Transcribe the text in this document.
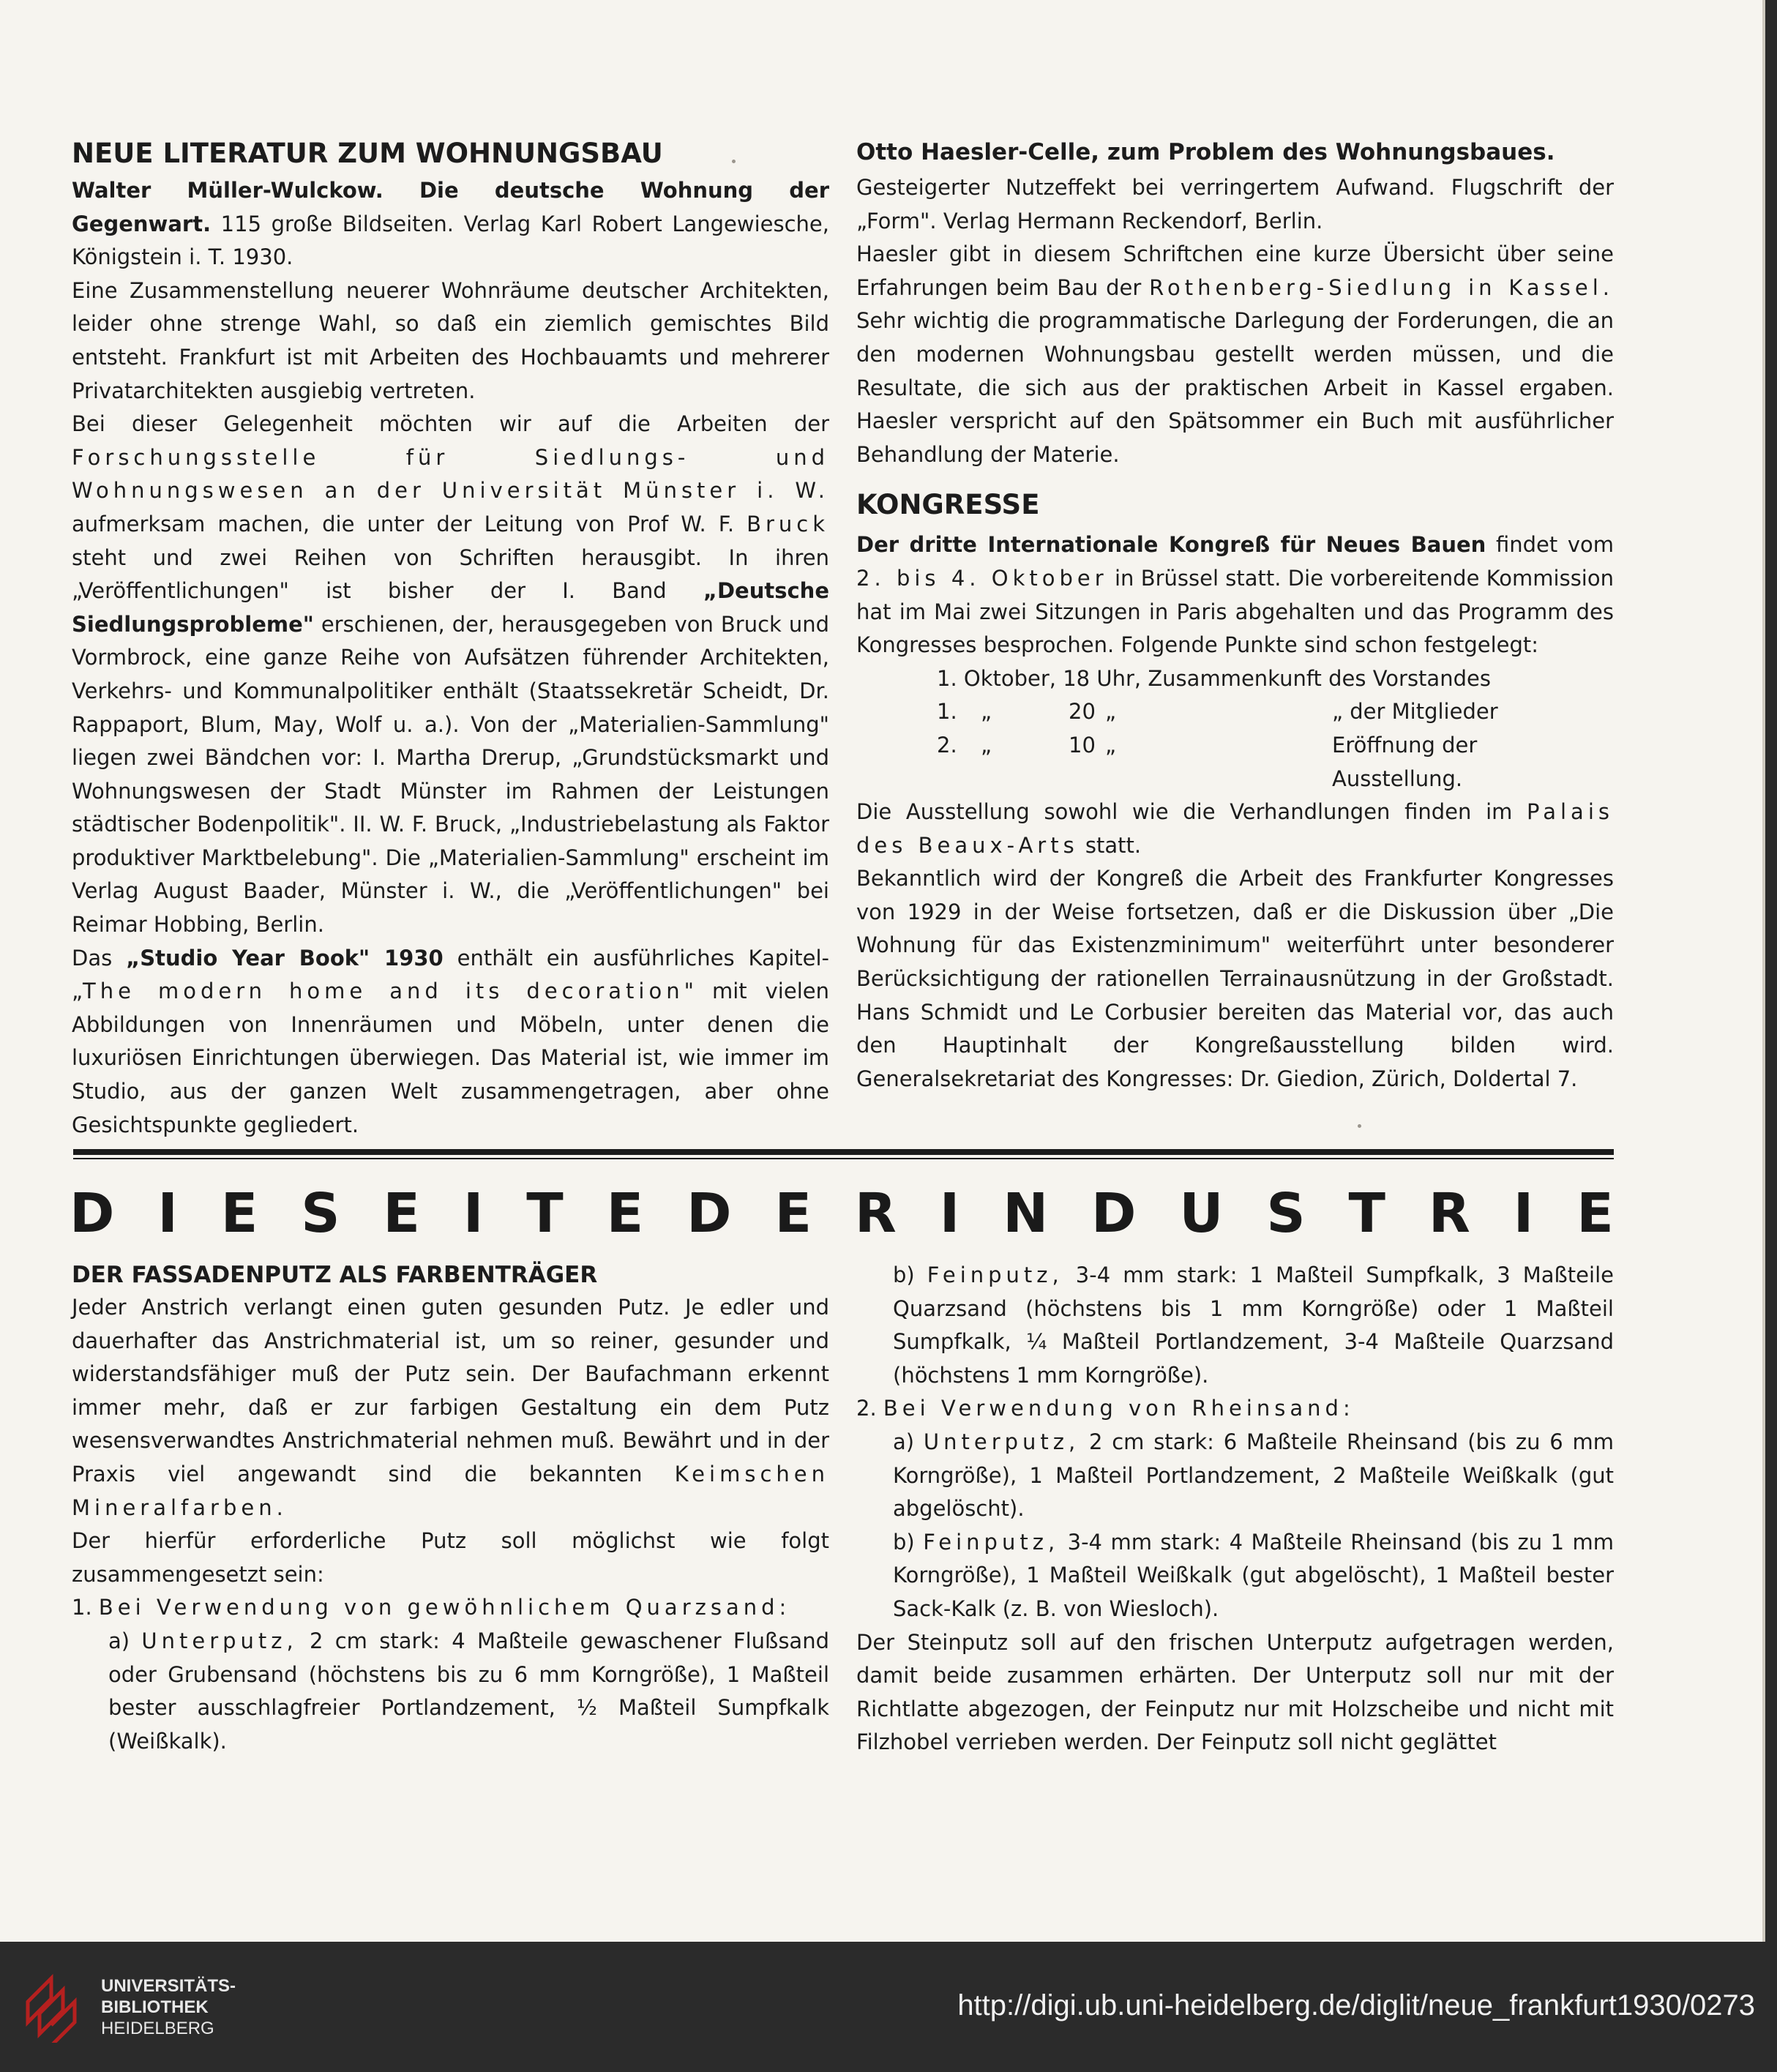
NEUE LITERATUR ZUM WOHNUNGSBAU

Walter Müller-Wulckow. Die deutsche Wohnung der Gegenwart. 115 große Bildseiten. Verlag Karl Robert Langewiesche, Königstein i. T. 1930.

Eine Zusammenstellung neuerer Wohnräume deutscher Architekten, leider ohne strenge Wahl, so daß ein ziemlich gemischtes Bild entsteht. Frankfurt ist mit Arbeiten des Hochbauamts und mehrerer Privatarchitekten ausgiebig vertreten.

Bei dieser Gelegenheit möchten wir auf die Arbeiten der Forschungsstelle für Siedlungs- und Wohnungswesen an der Universität Münster i. W. aufmerksam machen, die unter der Leitung von Prof W. F. Bruck steht und zwei Reihen von Schriften herausgibt. In ihren „Veröffentlichungen" ist bisher der I. Band „Deutsche Siedlungsprobleme" erschienen, der, herausgegeben von Bruck und Vormbrock, eine ganze Reihe von Aufsätzen führender Architekten, Verkehrs- und Kommunalpolitiker enthält (Staatssekretär Scheidt, Dr. Rappaport, Blum, May, Wolf u. a.). Von der „Materialien-Sammlung" liegen zwei Bändchen vor: I. Martha Drerup, „Grundstücksmarkt und Wohnungswesen der Stadt Münster im Rahmen der Leistungen städtischer Bodenpolitik". II. W. F. Bruck, „Industriebelastung als Faktor produktiver Marktbelebung". Die „Materialien-Sammlung" erscheint im Verlag August Baader, Münster i. W., die „Veröffentlichungen" bei Reimar Hobbing, Berlin.

Das „Studio Year Book" 1930 enthält ein ausführliches Kapitel- „The modern home and its decoration" mit vielen Abbildungen von Innenräumen und Möbeln, unter denen die luxuriösen Einrichtungen überwiegen. Das Material ist, wie immer im Studio, aus der ganzen Welt zusammengetragen, aber ohne Gesichtspunkte gegliedert.

Otto Haesler-Celle, zum Problem des Wohnungsbaues.

Gesteigerter Nutzeffekt bei verringertem Aufwand. Flugschrift der „Form". Verlag Hermann Reckendorf, Berlin.

Haesler gibt in diesem Schriftchen eine kurze Übersicht über seine Erfahrungen beim Bau der Rothenberg-Siedlung in Kassel. Sehr wichtig die programmatische Darlegung der Forderungen, die an den modernen Wohnungsbau gestellt werden müssen, und die Resultate, die sich aus der praktischen Arbeit in Kassel ergaben. Haesler verspricht auf den Spätsommer ein Buch mit ausführlicher Behandlung der Materie.

KONGRESSE

Der dritte Internationale Kongreß für Neues Bauen findet vom 2. bis 4. Oktober in Brüssel statt. Die vorbereitende Kommission hat im Mai zwei Sitzungen in Paris abgehalten und das Programm des Kongresses besprochen. Folgende Punkte sind schon festgelegt:

1. Oktober, 18 Uhr, Zusammenkunft des Vorstandes
1.	„	20 „	„ der Mitglieder
2.	„	10 „	Eröffnung der Ausstellung.

Die Ausstellung sowohl wie die Verhandlungen finden im Palais des Beaux-Arts statt.

Bekanntlich wird der Kongreß die Arbeit des Frankfurter Kongresses von 1929 in der Weise fortsetzen, daß er die Diskussion über „Die Wohnung für das Existenzminimum" weiterführt unter besonderer Berücksichtigung der rationellen Terrainausnützung in der Großstadt. Hans Schmidt und Le Corbusier bereiten das Material vor, das auch den Hauptinhalt der Kongreßausstellung bilden wird. Generalsekretariat des Kongresses: Dr. Giedion, Zürich, Doldertal 7.

D I E S E I T E D E R I N D U S T R I E
DER FASSADENPUTZ ALS FARBENTRÄGER

Jeder Anstrich verlangt einen guten gesunden Putz. Je edler und dauerhafter das Anstrichmaterial ist, um so reiner, gesunder und widerstandsfähiger muß der Putz sein. Der Baufachmann erkennt immer mehr, daß er zur farbigen Gestaltung ein dem Putz wesensverwandtes Anstrichmaterial nehmen muß. Bewährt und in der Praxis viel angewandt sind die bekannten Keimschen Mineralfarben.

Der hierfür erforderliche Putz soll möglichst wie folgt zusammengesetzt sein:

1. Bei Verwendung von gewöhnlichem Quarzsand:

a) Unterputz, 2 cm stark: 4 Maßteile gewaschener Flußsand oder Grubensand (höchstens bis zu 6 mm Korngröße), 1 Maßteil bester ausschlagfreier Portlandzement, ½ Maßteil Sumpfkalk (Weißkalk).

b) Feinputz, 3-4 mm stark: 1 Maßteil Sumpfkalk, 3 Maßteile Quarzsand (höchstens bis 1 mm Korngröße) oder 1 Maßteil Sumpfkalk, ¼ Maßteil Portlandzement, 3-4 Maßteile Quarzsand (höchstens 1 mm Korngröße).

2. Bei Verwendung von Rheinsand:

a) Unterputz, 2 cm stark: 6 Maßteile Rheinsand (bis zu 6 mm Korngröße), 1 Maßteil Portlandzement, 2 Maßteile Weißkalk (gut abgelöscht).

b) Feinputz, 3-4 mm stark: 4 Maßteile Rheinsand (bis zu 1 mm Korngröße), 1 Maßteil Weißkalk (gut abgelöscht), 1 Maßteil bester Sack-Kalk (z. B. von Wiesloch).

Der Steinputz soll auf den frischen Unterputz aufgetragen werden, damit beide zusammen erhärten. Der Unterputz soll nur mit der Richtlatte abgezogen, der Feinputz nur mit Holzscheibe und nicht mit Filzhobel verrieben werden. Der Feinputz soll nicht geglättet

UNIVERSITÄTS-
BIBLIOTHEK
HEIDELBERG
http://digi.ub.uni-heidelberg.de/diglit/neue_frankfurt1930/0273
